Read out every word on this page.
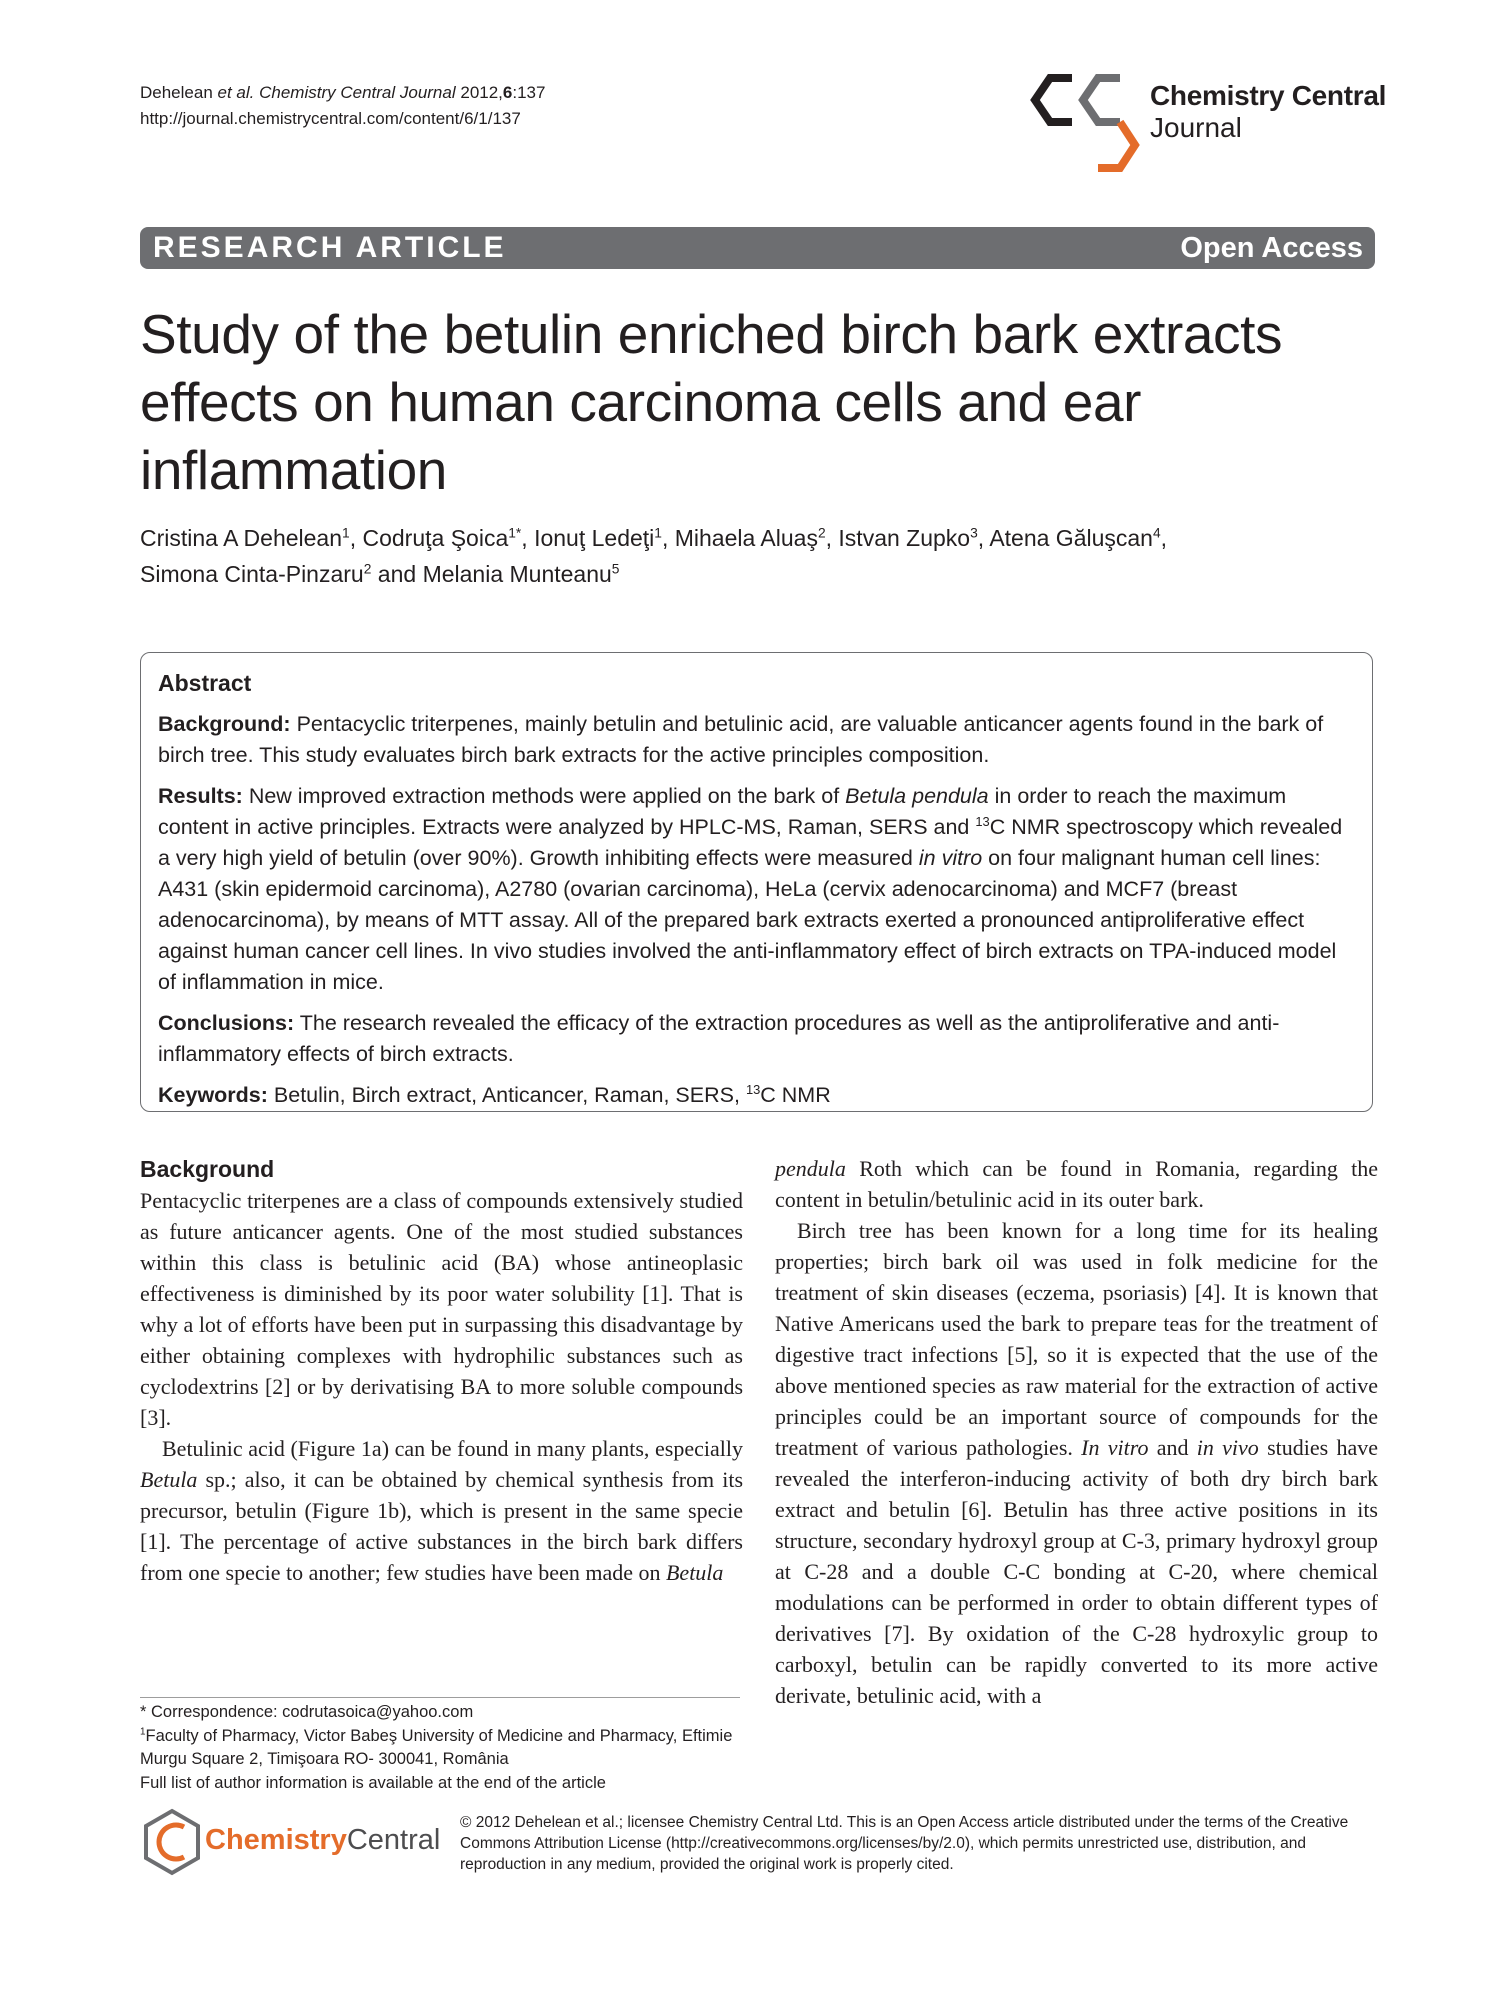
Dehelean et al. Chemistry Central Journal 2012,6:137
http://journal.chemistrycentral.com/content/6/1/137
Chemistry Central
Journal
RESEARCH ARTICLE	Open Access
Study of the betulin enriched birch bark extracts effects on human carcinoma cells and ear inflammation
Cristina A Dehelean$^1$, Codruţa Şoica$^{1*}$, Ionuţ Ledeţi$^1$, Mihaela Aluaş$^2$, Istvan Zupko$^3$, Atena Găluşcan$^4$,
Simona Cinta-Pinzaru$^2$ and Melania Munteanu$^5$
Abstract

Background: Pentacyclic triterpenes, mainly betulin and betulinic acid, are valuable anticancer agents found in the bark of birch tree. This study evaluates birch bark extracts for the active principles composition.

Results: New improved extraction methods were applied on the bark of Betula pendula in order to reach the maximum content in active principles. Extracts were analyzed by HPLC-MS, Raman, SERS and $^{13}$C NMR spectroscopy which revealed a very high yield of betulin (over 90%). Growth inhibiting effects were measured in vitro on four malignant human cell lines: A431 (skin epidermoid carcinoma), A2780 (ovarian carcinoma), HeLa (cervix adenocarcinoma) and MCF7 (breast adenocarcinoma), by means of MTT assay. All of the prepared bark extracts exerted a pronounced antiproliferative effect against human cancer cell lines. In vivo studies involved the anti-inflammatory effect of birch extracts on TPA-induced model of inflammation in mice.

Conclusions: The research revealed the efficacy of the extraction procedures as well as the antiproliferative and anti-inflammatory effects of birch extracts.

Keywords: Betulin, Birch extract, Anticancer, Raman, SERS, $^{13}$C NMR

Background

Pentacyclic triterpenes are a class of compounds extensively studied as future anticancer agents. One of the most studied substances within this class is betulinic acid (BA) whose antineoplasic effectiveness is diminished by its poor water solubility [1]. That is why a lot of efforts have been put in surpassing this disadvantage by either obtaining complexes with hydrophilic substances such as cyclodextrins [2] or by derivatising BA to more soluble compounds [3].

Betulinic acid (Figure 1a) can be found in many plants, especially Betula sp.; also, it can be obtained by chemical synthesis from its precursor, betulin (Figure 1b), which is present in the same specie [1]. The percentage of active substances in the birch bark differs from one specie to another; few studies have been made on Betula

pendula Roth which can be found in Romania, regarding the content in betulin/betulinic acid in its outer bark.

Birch tree has been known for a long time for its healing properties; birch bark oil was used in folk medicine for the treatment of skin diseases (eczema, psoriasis) [4]. It is known that Native Americans used the bark to prepare teas for the treatment of digestive tract infections [5], so it is expected that the use of the above mentioned species as raw material for the extraction of active principles could be an important source of compounds for the treatment of various pathologies. In vitro and in vivo studies have revealed the interferon-inducing activity of both dry birch bark extract and betulin [6]. Betulin has three active positions in its structure, secondary hydroxyl group at C-3, primary hydroxyl group at C-28 and a double C-C bonding at C-20, where chemical modulations can be performed in order to obtain different types of derivatives [7]. By oxidation of the C-28 hydroxylic group to carboxyl, betulin can be rapidly converted to its more active derivate, betulinic acid, with a

* Correspondence: codrutasoica@yahoo.com
$^1$Faculty of Pharmacy, Victor Babeş University of Medicine and Pharmacy, Eftimie Murgu Square 2, Timişoara RO- 300041, România
Full list of author information is available at the end of the article
ChemistryCentral
© 2012 Dehelean et al.; licensee Chemistry Central Ltd. This is an Open Access article distributed under the terms of the Creative Commons Attribution License (http://creativecommons.org/licenses/by/2.0), which permits unrestricted use, distribution, and reproduction in any medium, provided the original work is properly cited.
